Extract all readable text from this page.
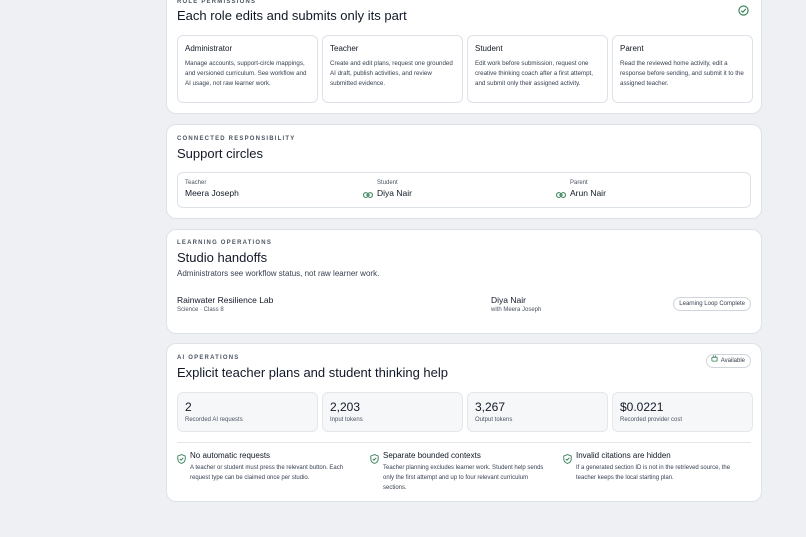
ROLE PERMISSIONS
Each role edits and submits only its part
Administrator
Manage accounts, support-circle mappings, and versioned curriculum. See workflow and AI usage, not raw learner work.
Teacher
Create and edit plans, request one grounded AI draft, publish activities, and review submitted evidence.
Student
Edit work before submission, request one creative thinking coach after a first attempt, and submit only their assigned activity.
Parent
Read the reviewed home activity, edit a response before sending, and submit it to the assigned teacher.
CONNECTED RESPONSIBILITY
Support circles
Teacher
Meera Joseph
Student
Diya Nair
Parent
Arun Nair
LEARNING OPERATIONS
Studio handoffs
Administrators see workflow status, not raw learner work.
Rainwater Resilience Lab
Science · Class 8
Diya Nair
with Meera Joseph
Learning Loop Complete
AI OPERATIONS
Explicit teacher plans and student thinking help
Available
2
Recorded AI requests
2,203
Input tokens
3,267
Output tokens
$0.0221
Recorded provider cost
No automatic requests
A teacher or student must press the relevant button. Each request type can be claimed once per studio.
Separate bounded contexts
Teacher planning excludes learner work. Student help sends only the first attempt and up to four relevant curriculum sections.
Invalid citations are hidden
If a generated section ID is not in the retrieved source, the teacher keeps the local starting plan.
